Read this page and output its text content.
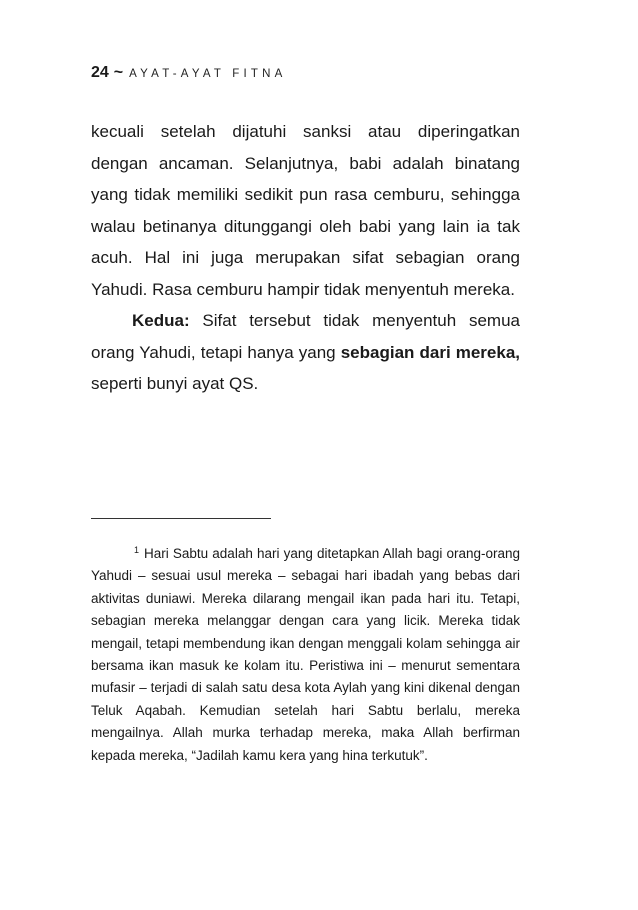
24 ~ AYAT-AYAT FITNA

kecuali setelah dijatuhi sanksi atau diperingatkan dengan ancaman. Selanjutnya, babi adalah binatang yang tidak memiliki sedikit pun rasa cemburu, sehingga walau betinanya ditunggangi oleh babi yang lain ia tak acuh. Hal ini juga merupakan sifat sebagian orang Yahudi. Rasa cemburu hampir tidak menyentuh mereka.

Kedua: Sifat tersebut tidak menyentuh semua orang Yahudi, tetapi hanya yang sebagian dari mereka, seperti bunyi ayat QS.

$^1$ Hari Sabtu adalah hari yang ditetapkan Allah bagi orang-orang Yahudi – sesuai usul mereka – sebagai hari ibadah yang bebas dari aktivitas duniawi. Mereka dilarang mengail ikan pada hari itu. Tetapi, sebagian mereka melanggar dengan cara yang licik. Mereka tidak mengail, tetapi membendung ikan dengan menggali kolam sehingga air bersama ikan masuk ke kolam itu. Peristiwa ini – menurut sementara mufasir – terjadi di salah satu desa kota Aylah yang kini dikenal dengan Teluk Aqabah. Kemudian setelah hari Sabtu berlalu, mereka mengailnya. Allah murka terhadap mereka, maka Allah berfirman kepada mereka, “Jadilah kamu kera yang hina terkutuk”.
